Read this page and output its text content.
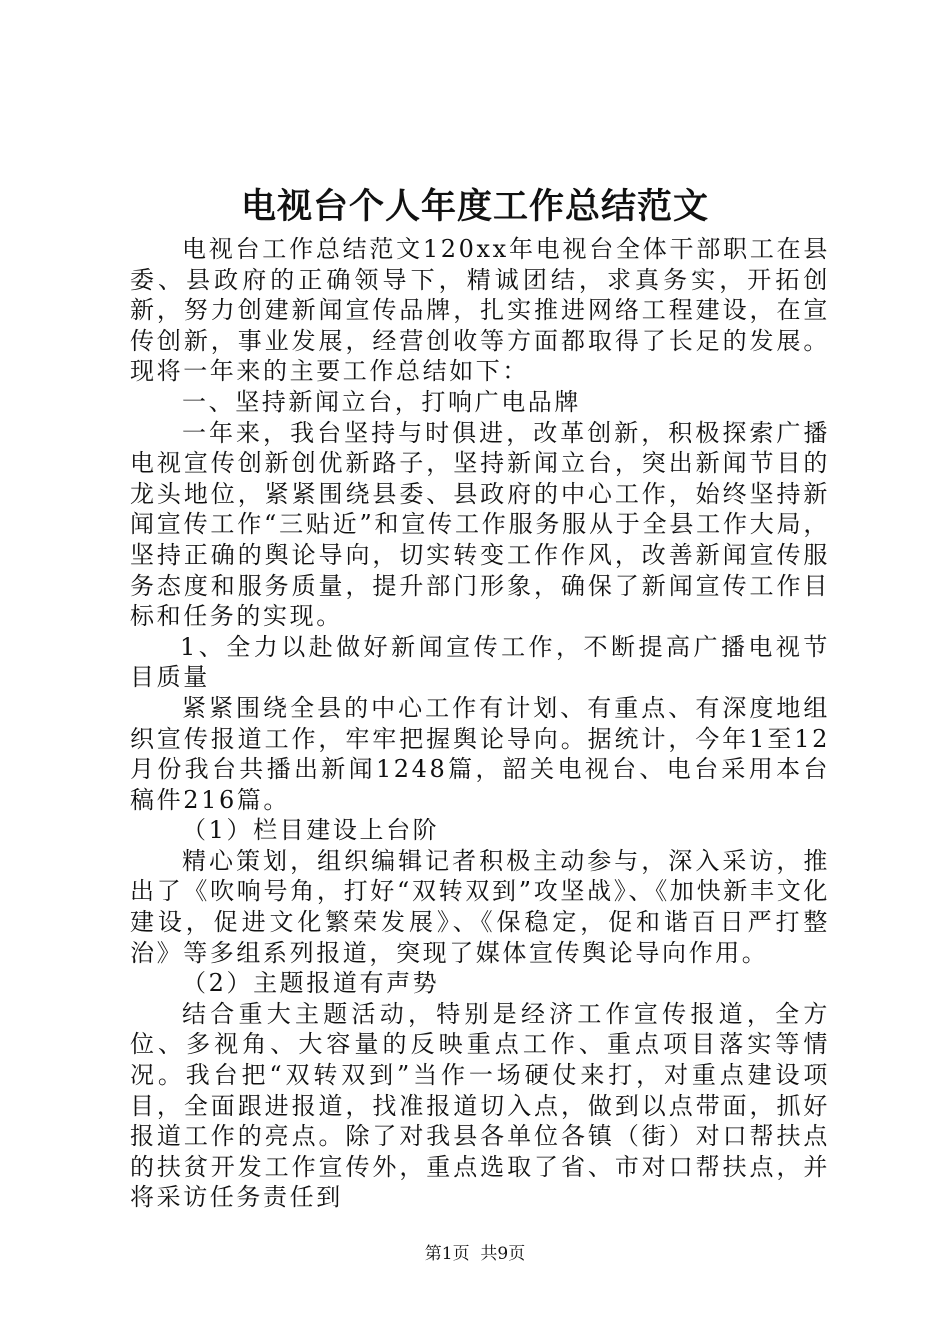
电视台个人年度工作总结范文

电视台工作总结范文120xx年电视台全体干部职工在县委、县政府的正确领导下，精诚团结，求真务实，开拓创新，努力创建新闻宣传品牌，扎实推进网络工程建设，在宣传创新，事业发展，经营创收等方面都取得了长足的发展。现将一年来的主要工作总结如下：

一、坚持新闻立台，打响广电品牌

一年来，我台坚持与时俱进，改革创新，积极探索广播电视宣传创新创优新路子，坚持新闻立台，突出新闻节目的龙头地位，紧紧围绕县委、县政府的中心工作，始终坚持新闻宣传工作“三贴近”和宣传工作服务服从于全县工作大局，坚持正确的舆论导向，切实转变工作作风，改善新闻宣传服务态度和服务质量，提升部门形象，确保了新闻宣传工作目标和任务的实现。

1、全力以赴做好新闻宣传工作，不断提高广播电视节目质量

紧紧围绕全县的中心工作有计划、有重点、有深度地组织宣传报道工作，牢牢把握舆论导向。据统计，今年1至12月份我台共播出新闻1248篇，韶关电视台、电台采用本台稿件216篇。

（1）栏目建设上台阶

精心策划，组织编辑记者积极主动参与，深入采访，推出了《吹响号角，打好“双转双到”攻坚战》、《加快新丰文化建设，促进文化繁荣发展》、《保稳定，促和谐百日严打整治》等多组系列报道，突现了媒体宣传舆论导向作用。

（2）主题报道有声势

结合重大主题活动，特别是经济工作宣传报道，全方位、多视角、大容量的反映重点工作、重点项目落实等情况。我台把“双转双到”当作一场硬仗来打，对重点建设项目，全面跟进报道，找准报道切入点，做到以点带面，抓好报道工作的亮点。除了对我县各单位各镇（街）对口帮扶点的扶贫开发工作宣传外，重点选取了省、市对口帮扶点，并将采访任务责任到

第1页  共9页
